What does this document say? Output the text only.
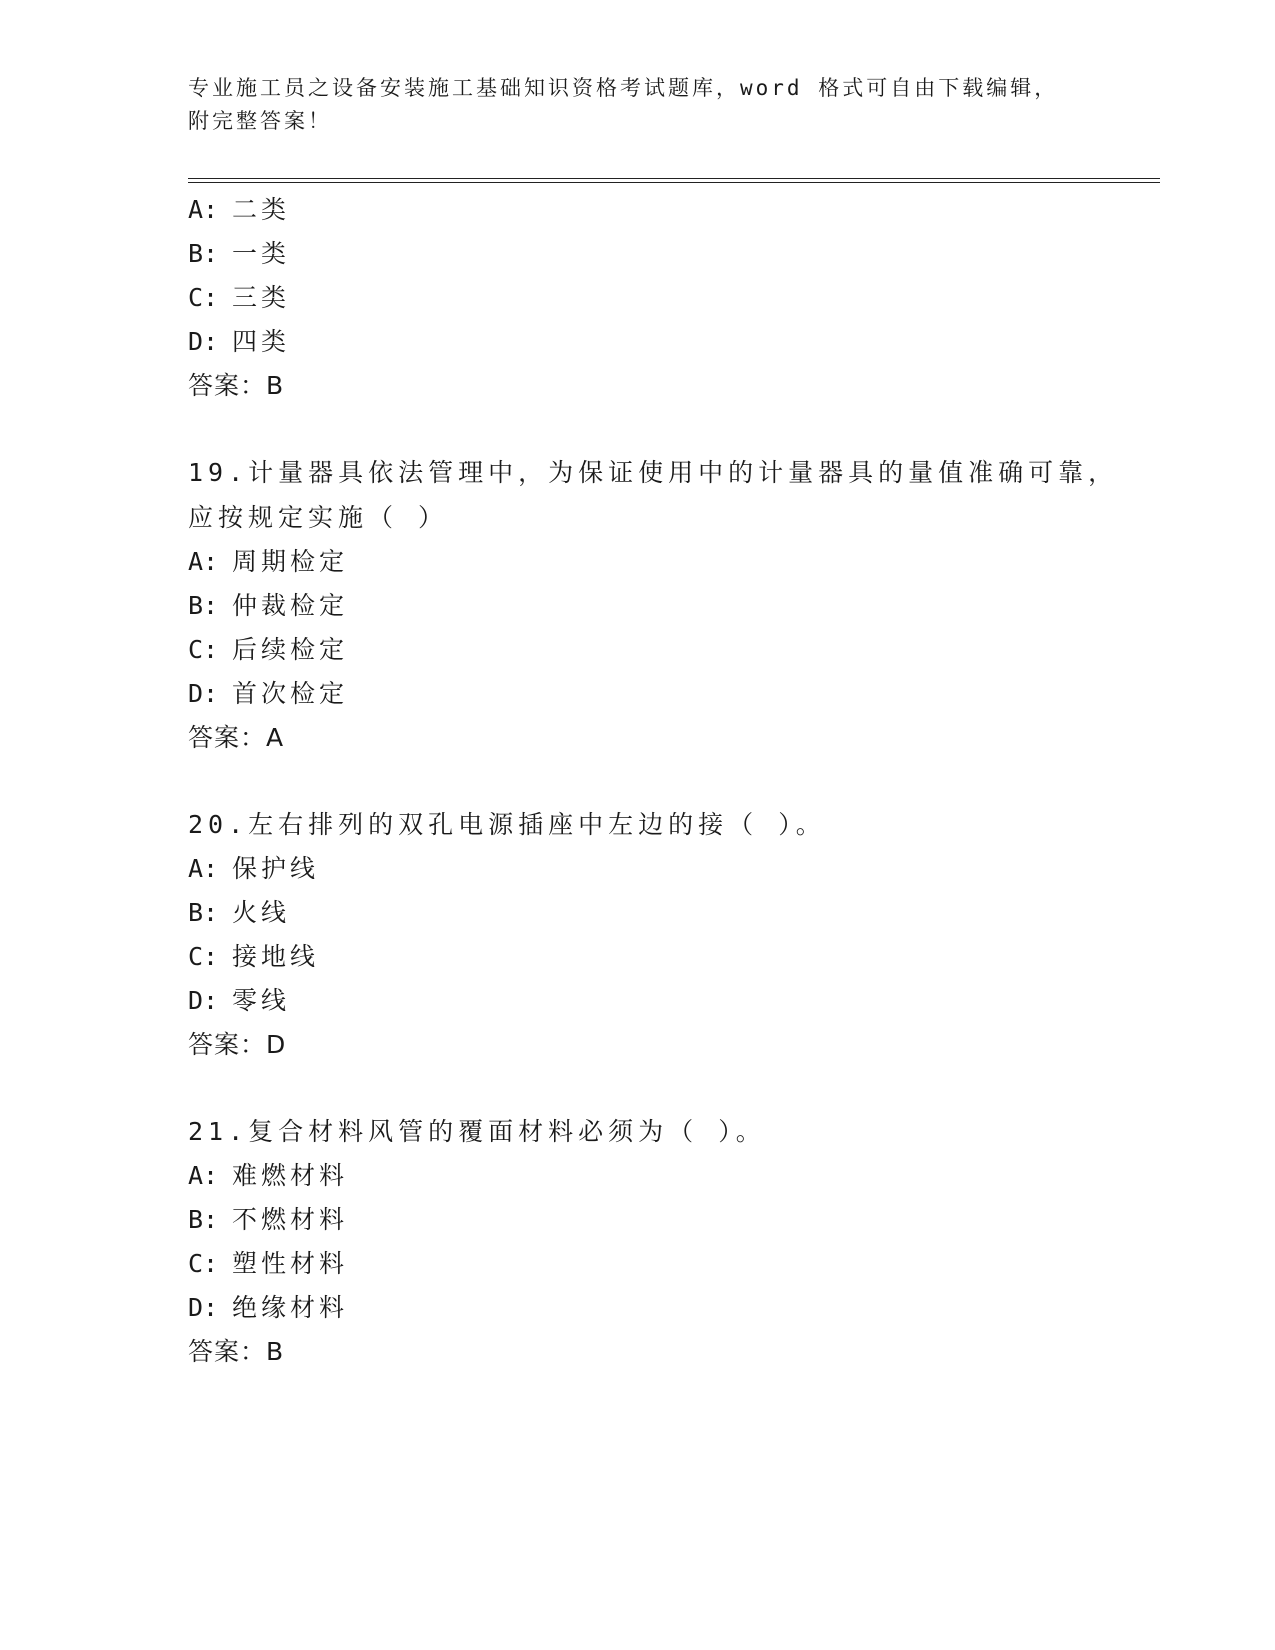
专业施工员之设备安装施工基础知识资格考试题库，word 格式可自由下载编辑，
附完整答案！
A: 二类
B: 一类
C: 三类
D: 四类
答案：B
19.计量器具依法管理中，为保证使用中的计量器具的量值准确可靠，
应按规定实施（ ）
A: 周期检定
B: 仲裁检定
C: 后续检定
D: 首次检定
答案：A
20.左右排列的双孔电源插座中左边的接（ ）。
A: 保护线
B: 火线
C: 接地线
D: 零线
答案：D
21.复合材料风管的覆面材料必须为（ ）。
A: 难燃材料
B: 不燃材料
C: 塑性材料
D: 绝缘材料
答案：B
